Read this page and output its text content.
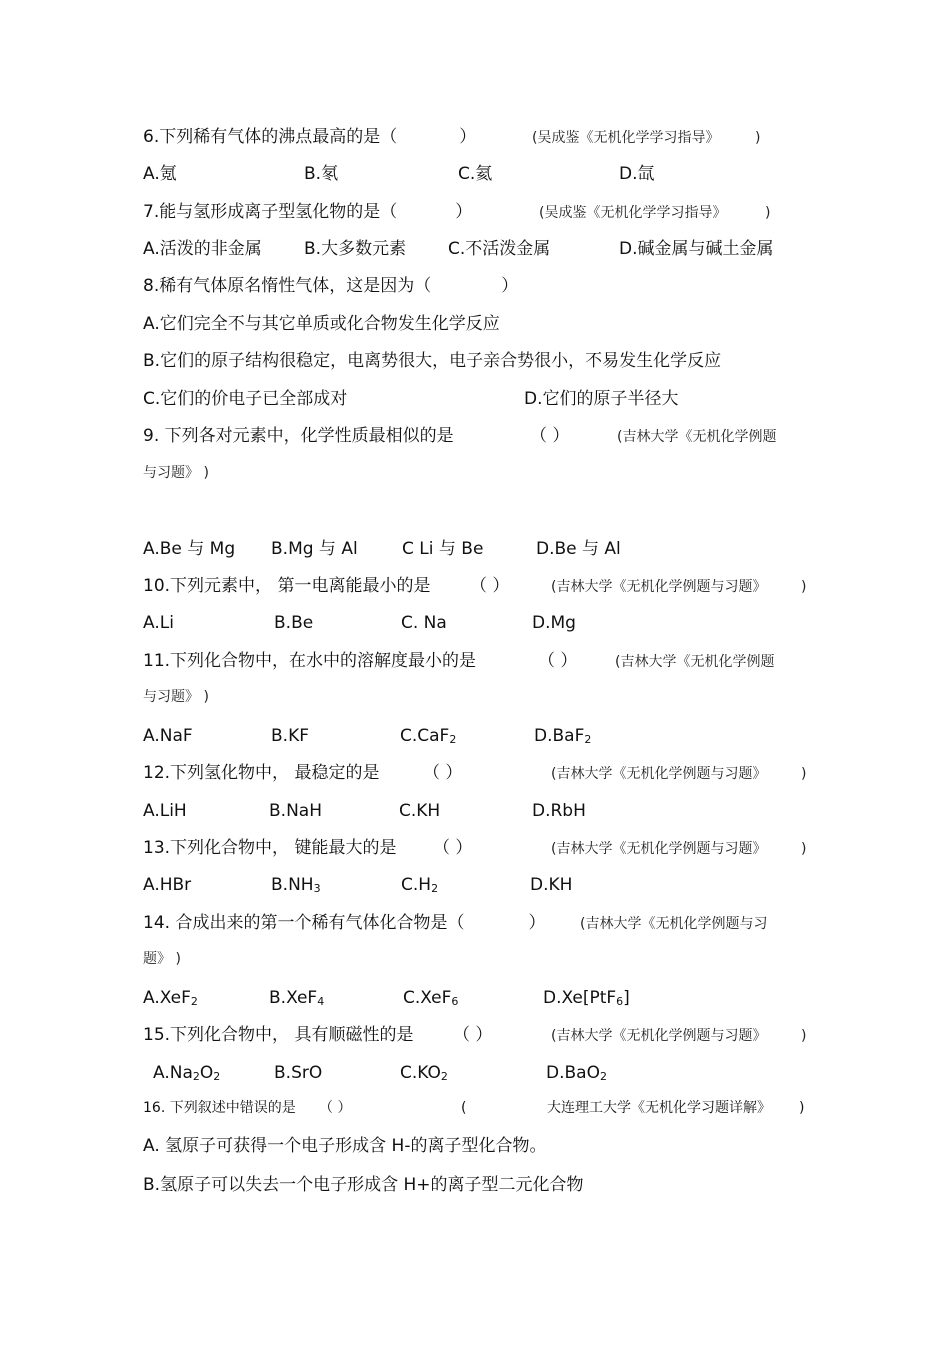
6.下列稀有气体的沸点最高的是（	）	(吴成鉴《无机化学学习指导》	)
A.氪	B.氡	C.氦	D.氙
7.能与氢形成离子型氢化物的是（	）	(吴成鉴《无机化学学习指导》	)
A.活泼的非金属 B.大多数元素 C.不活泼金属	D.碱金属与碱土金属
8.稀有气体原名惰性气体，这是因为（	）
A.它们完全不与其它单质或化合物发生化学反应
B.它们的原子结构很稳定，电离势很大，电子亲合势很小，不易发生化学反应
C.它们的价电子已全部成对	D.它们的原子半径大
9. 下列各对元素中，化学性质最相似的是	（ ）	(吉林大学《无机化学例题
与习题》 )
A.Be 与 Mg B.Mg 与 Al	C Li 与 Be	D.Be 与 Al
10.下列元素中， 第一电离能最小的是 （ ）	(吉林大学《无机化学例题与习题》 )
A.Li	B.Be	C. Na	D.Mg
11.下列化合物中，在水中的溶解度最小的是	（ ）	(吉林大学《无机化学例题
与习题》 )
A.NaF	B.KF	C.CaF$_2$	D.BaF$_2$
12.下列氢化物中， 最稳定的是	（ ）	(吉林大学《无机化学例题与习题》 )
A.LiH	B.NaH	C.KH	D.RbH
13.下列化合物中， 键能最大的是 （ ）	(吉林大学《无机化学例题与习题》 )
A.HBr	$B.NH_3$	$C.H_2$	D.KH
14. 合成出来的第一个稀有气体化合物是（	） (吉林大学《无机化学例题与习
题》 )
A.XeF$_2$	B.XeF$_4$	C.XeF$_6$	D.Xe[PtF$_6$]
15.下列化合物中， 具有顺磁性的是 （ ）	(吉林大学《无机化学例题与习题》 )
$A.Na_2O_2$	B.SrO	$C.KO_2$	D.BaO$_2$
16. 下列叙述中错误的是 （ ）	(	大连理工大学《无机化学习题详解》 )
A. 氢原子可获得一个电子形成含 H-的离子型化合物。
B.氢原子可以失去一个电子形成含 H+的离子型二元化合物
